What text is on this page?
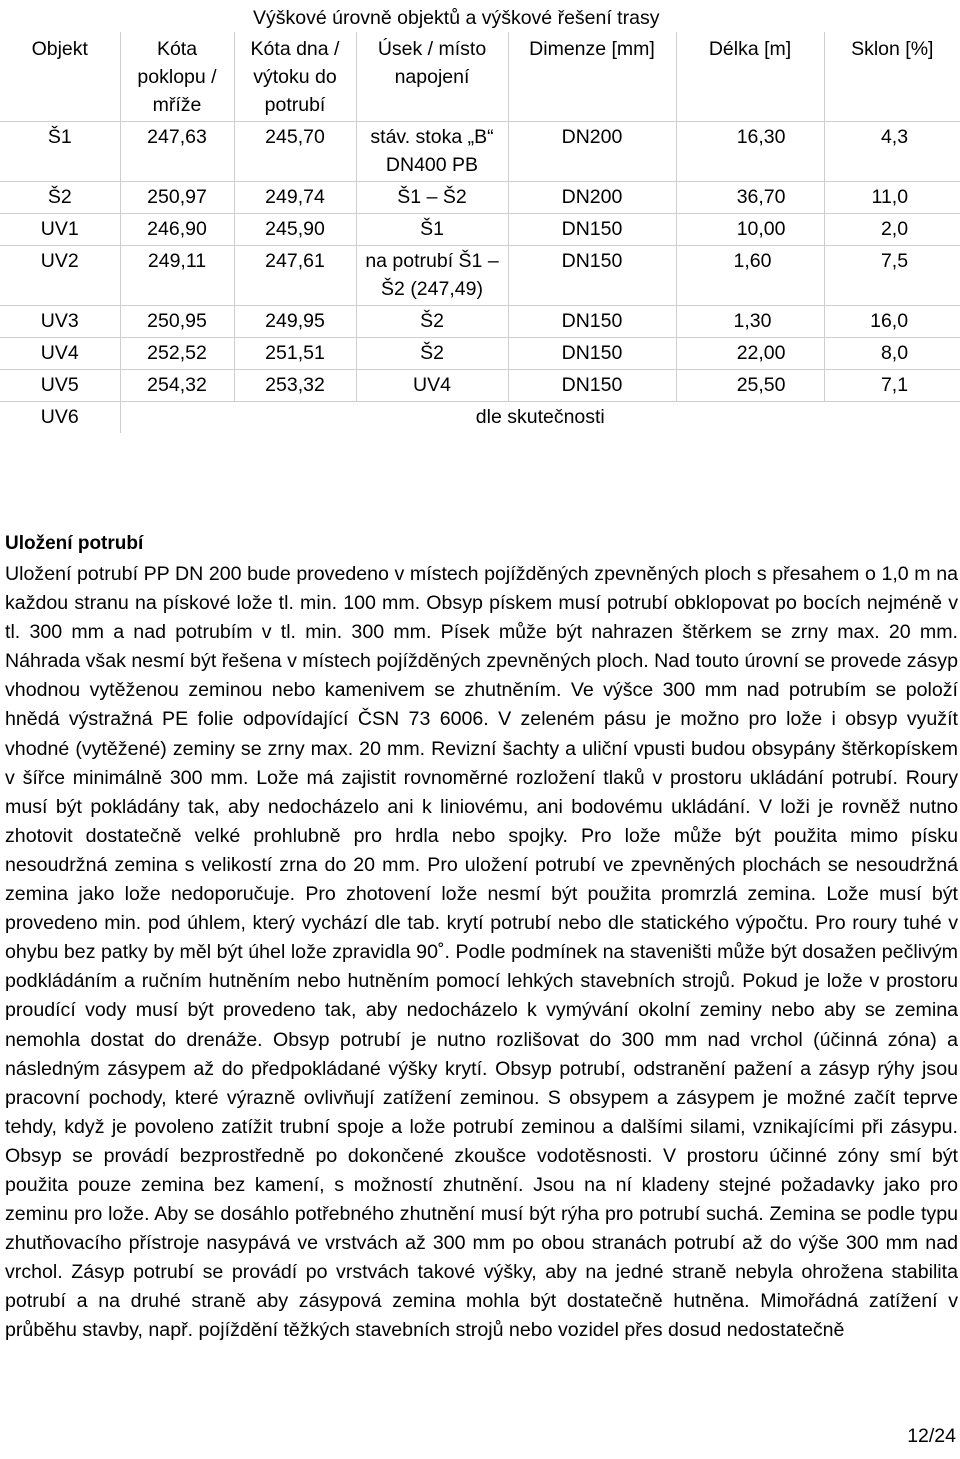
Výškové úrovně objektů a výškové řešení trasy						
Objekt	Kóta poklopu / mříže	Kóta dna / výtoku do potrubí	Úsek / místo napojení	Dimenze [mm]	Délka [m]	Sklon [%]
Š1	247,63	245,70	stáv. stoka „B“ DN400 PB	DN200	16,30	4,3
Š2	250,97	249,74	Š1 – Š2	DN200	36,70	11,0
UV1	246,90	245,90	Š1	DN150	10,00	2,0
UV2	249,11	247,61	na potrubí Š1 – Š2 (247,49)	DN150	1,60	7,5
UV3	250,95	249,95	Š2	DN150	1,30	16,0
UV4	252,52	251,51	Š2	DN150	22,00	8,0
UV5	254,32	253,32	UV4	DN150	25,50	7,1
UV6	dle skutečnosti					
Uložení potrubí

Uložení potrubí PP DN 200 bude provedeno v místech pojížděných zpevněných ploch s přesahem o 1,0 m na každou stranu na pískové lože tl. min. 100 mm. Obsyp pískem musí potrubí obklopovat po bocích nejméně v tl. 300 mm a nad potrubím v tl. min. 300 mm. Písek může být nahrazen štěrkem se zrny max. 20 mm. Náhrada však nesmí být řešena v místech pojížděných zpevněných ploch. Nad touto úrovní se provede zásyp vhodnou vytěženou zeminou nebo kamenivem se zhutněním. Ve výšce 300 mm nad potrubím se položí hnědá výstražná PE folie odpovídající ČSN 73 6006. V zeleném pásu je možno pro lože i obsyp využít vhodné (vytěžené) zeminy se zrny max. 20 mm. Revizní šachty a uliční vpusti budou obsypány štěrkopískem v šířce minimálně 300 mm. Lože má zajistit rovnoměrné rozložení tlaků v prostoru ukládání potrubí. Roury musí být pokládány tak, aby nedocházelo ani k liniovému, ani bodovému ukládání. V loži je rovněž nutno zhotovit dostatečně velké prohlubně pro hrdla nebo spojky. Pro lože může být použita mimo písku nesoudržná zemina s velikostí zrna do 20 mm. Pro uložení potrubí ve zpevněných plochách se nesoudržná zemina jako lože nedoporučuje. Pro zhotovení lože nesmí být použita promrzlá zemina. Lože musí být provedeno min. pod úhlem, který vychází dle tab. krytí potrubí nebo dle statického výpočtu. Pro roury tuhé v ohybu bez patky by měl být úhel lože zpravidla 90˚. Podle podmínek na staveništi může být dosažen pečlivým podkládáním a ručním hutněním nebo hutněním pomocí lehkých stavebních strojů. Pokud je lože v prostoru proudící vody musí být provedeno tak, aby nedocházelo k vymývání okolní zeminy nebo aby se zemina nemohla dostat do drenáže. Obsyp potrubí je nutno rozlišovat do 300 mm nad vrchol (účinná zóna) a následným zásypem až do předpokládané výšky krytí. Obsyp potrubí, odstranění pažení a zásyp rýhy jsou pracovní pochody, které výrazně ovlivňují zatížení zeminou. S obsypem a zásypem je možné začít teprve tehdy, když je povoleno zatížit trubní spoje a lože potrubí zeminou a dalšími silami, vznikajícími při zásypu. Obsyp se provádí bezprostředně po dokončené zkoušce vodotěsnosti. V prostoru účinné zóny smí být použita pouze zemina bez kamení, s možností zhutnění. Jsou na ní kladeny stejné požadavky jako pro zeminu pro lože. Aby se dosáhlo potřebného zhutnění musí být rýha pro potrubí suchá. Zemina se podle typu zhutňovacího přístroje nasypává ve vrstvách až 300 mm po obou stranách potrubí až do výše 300 mm nad vrchol. Zásyp potrubí se provádí po vrstvách takové výšky, aby na jedné straně nebyla ohrožena stabilita potrubí a na druhé straně aby zásypová zemina mohla být dostatečně hutněna. Mimořádná zatížení v průběhu stavby, např. pojíždění těžkých stavebních strojů nebo vozidel přes dosud nedostatečně

12/24
